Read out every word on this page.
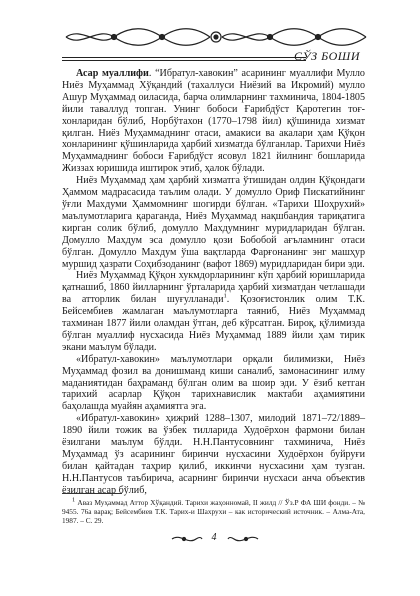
СЎЗ БОШИ

Асар муаллифи. “Ибратул-хавокин” асарининг муаллифи Мулло Ниёз Муҳаммад Хўқандий (тахаллуси Ниёзий ва Икромий) мулло Ашур Муҳаммад оиласида, барча олимларнинг тахминича, 1804-1805 йили таваллуд топган. Унинг бобоси Ғарибдўст Қаротегин тоғ-хонларидан бўлиб, Норбўтахон (1770–1798 йил) қўшинида хизмат қилган. Ниёз Муҳаммаднинг отаси, амакиси ва акалари ҳам Қўқон хонларининг қўшинларида ҳарбий хизматда бўлганлар. Тарихчи Ниёз Муҳаммаднинг бобоси Ғарибдўст ясовул 1821 йилнинг бошларида Жиззах юришида иштирок этиб, ҳалок бўлади.

Ниёз Муҳаммад ҳам ҳарбий хизматга ўтишидан олдин Қўқондаги Ҳаммом мадрасасида таълим олади. У домулло Ориф Пискатийнинг ўғли Махдуми Ҳаммомнинг шогирди бўлган. «Тарихи Шоҳрухий» маълумотларига қараганда, Ниёз Муҳаммад нақшбандия тариқатига кирган солик бўлиб, домулло Махдумнинг муридларидан бўлган. Домулло Махдум эса домулло қози Бобобой ағъламнинг отаси бўлган. Домулло Махдум ўша вақтларда Фарғонанинг энг машҳур муршид ҳазрати Соҳибзоданинг (вафот 1869) муридларидан бири эди.

Ниёз Муҳаммад Қўқон хукмдорларининг кўп ҳарбий юришларида қатнашиб, 1860 йилларнинг ўрталарида ҳарбий хизматдан четлашади ва атторлик билан шуғулланади$^1$. Қозоғистонлик олим Т.К. Бейсембиев жамлаган маълумотларга таяниб, Ниёз Муҳаммад тахминан 1877 йили оламдан ўтган, деб кўрсатган. Бироқ, қўлимизда бўлган муаллиф нусхасида Ниёз Муҳаммад 1889 йили ҳам тирик экани маълум бўлади.

«Ибратул-хавокин» маълумотлари орқали билимизки, Ниёз Муҳаммад фозил ва донишманд киши саналиб, замонасининг илму маданиятидан баҳраманд бўлган олим ва шоир эди. У ёзиб кетган тарихий асарлар Қўқон тарихнавислик мактаби аҳамиятини баҳолашда муайян аҳамиятга эга.

«Ибратул-хавокин» ҳижрий 1288–1307, милодий 1871–72/1889–1890 йили тожик ва ўзбек тилларида Худоёрхон фармони билан ёзилгани маълум бўлди. Н.Н.Пантусовнинг тахминича, Ниёз Муҳаммад ўз асарининг биринчи нусхасини Худоёрхон буйруғи билан қайтадан таҳрир қилиб, иккинчи нусхасини ҳам тузган. Н.Н.Пантусов таъбирича, асарнинг биринчи нусхаси анча объектив ёзилган асар бўлиб,

$^1$ Авaз Муҳаммад Аттор Хўқандий. Тарихи жаҳонномай, II жилд // Ўз.Р ФА ШИ фонди. – № 9455. 76а варақ; Бейсембиев Т.К. Тарих-и Шахрухи – как исторический источник. – Алма-Ата, 1987. – С. 29.

4
